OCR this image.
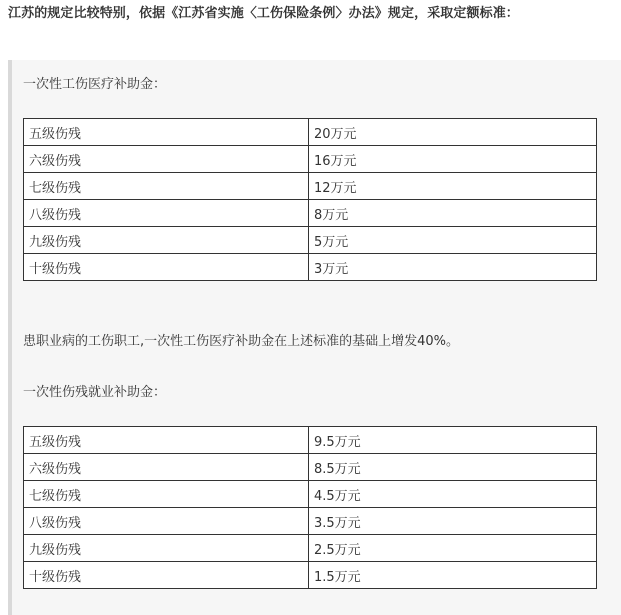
江苏的规定比较特别，依据《江苏省实施〈工伤保险条例〉办法》规定，采取定额标准：
一次性工伤医疗补助金：
五级伤残	20万元
六级伤残	16万元
七级伤残	12万元
八级伤残	8万元
九级伤残	5万元
十级伤残	3万元
患职业病的工伤职工,一次性工伤医疗补助金在上述标准的基础上增发40%。
一次性伤残就业补助金：
五级伤残	9.5万元
六级伤残	8.5万元
七级伤残	4.5万元
八级伤残	3.5万元
九级伤残	2.5万元
十级伤残	1.5万元
